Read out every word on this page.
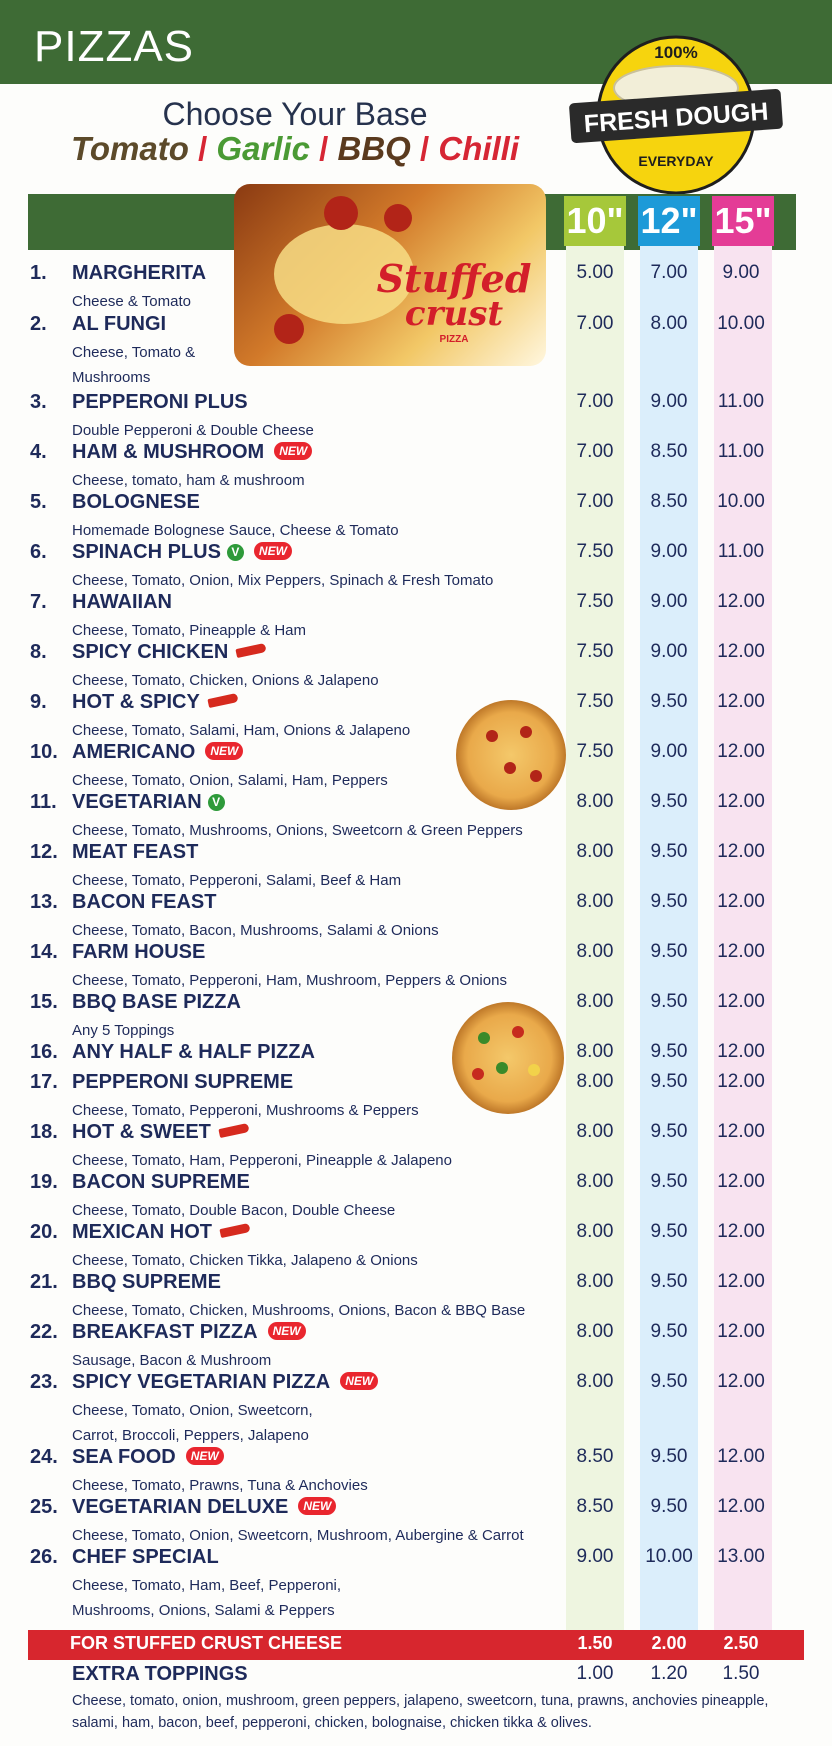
PIZZAS
Choose Your Base
Tomato / Garlic / BBQ / Chilli
100%
FRESH DOUGH
EVERYDAY
10" 12" 15"
Stuffed
crust
PIZZA
1. MARGHERITA
Cheese & Tomato
5.00	7.00	9.00
2. AL FUNGI
Cheese, Tomato & Mushrooms
7.00	8.00	10.00
3. PEPPERONI PLUS
Double Pepperoni & Double Cheese
7.00	9.00	11.00
4. HAM & MUSHROOM NEW
Cheese, tomato, ham & mushroom
7.00	8.50	11.00
5. BOLOGNESE
Homemade Bolognese Sauce, Cheese & Tomato
7.00	8.50	10.00
6. SPINACH PLUS V NEW
Cheese, Tomato, Onion, Mix Peppers, Spinach & Fresh Tomato
7.50	9.00	11.00
7. HAWAIIAN
Cheese, Tomato, Pineapple & Ham
7.50	9.00	12.00
8. SPICY CHICKEN
Cheese, Tomato, Chicken, Onions & Jalapeno
7.50	9.00	12.00
9. HOT & SPICY
Cheese, Tomato, Salami, Ham, Onions & Jalapeno
7.50	9.50	12.00
10. AMERICANO NEW
Cheese, Tomato, Onion, Salami, Ham, Peppers
7.50	9.00	12.00
11. VEGETARIAN V
Cheese, Tomato, Mushrooms, Onions, Sweetcorn & Green Peppers
8.00	9.50	12.00
12. MEAT FEAST
Cheese, Tomato, Pepperoni, Salami, Beef & Ham
8.00	9.50	12.00
13. BACON FEAST
Cheese, Tomato, Bacon, Mushrooms, Salami & Onions
8.00	9.50	12.00
14. FARM HOUSE
Cheese, Tomato, Pepperoni, Ham, Mushroom, Peppers & Onions
8.00	9.50	12.00
15. BBQ BASE PIZZA
Any 5 Toppings
8.00	9.50	12.00
16. ANY HALF & HALF PIZZA	8.00	9.50	12.00
17. PEPPERONI SUPREME
Cheese, Tomato, Pepperoni, Mushrooms & Peppers
8.00	9.50	12.00
18. HOT & SWEET
Cheese, Tomato, Ham, Pepperoni, Pineapple & Jalapeno
8.00	9.50	12.00
19. BACON SUPREME
Cheese, Tomato, Double Bacon, Double Cheese
8.00	9.50	12.00
20. MEXICAN HOT
Cheese, Tomato, Chicken Tikka, Jalapeno & Onions
8.00	9.50	12.00
21. BBQ SUPREME
Cheese, Tomato, Chicken, Mushrooms, Onions, Bacon & BBQ Base
8.00	9.50	12.00
22. BREAKFAST PIZZA NEW
Sausage, Bacon & Mushroom
8.00	9.50	12.00
23. SPICY VEGETARIAN PIZZA NEW
Cheese, Tomato, Onion, Sweetcorn, Carrot, Broccoli, Peppers, Jalapeno
8.00	9.50	12.00
24. SEA FOOD NEW
Cheese, Tomato, Prawns, Tuna & Anchovies
8.50	9.50	12.00
25. VEGETARIAN DELUXE NEW
Cheese, Tomato, Onion, Sweetcorn, Mushroom, Aubergine & Carrot
8.50	9.50	12.00
26. CHEF SPECIAL
Cheese, Tomato, Ham, Beef, Pepperoni, Mushrooms, Onions, Salami & Peppers
9.00	10.00	13.00
FOR STUFFED CRUST CHEESE	1.50	2.00	2.50
EXTRA TOPPINGS	1.00	1.20	1.50
Cheese, tomato, onion, mushroom, green peppers, jalapeno, sweetcorn, tuna, prawns, anchovies pineapple, salami, ham, bacon, beef, pepperoni, chicken, bolognaise, chicken tikka & olives.
